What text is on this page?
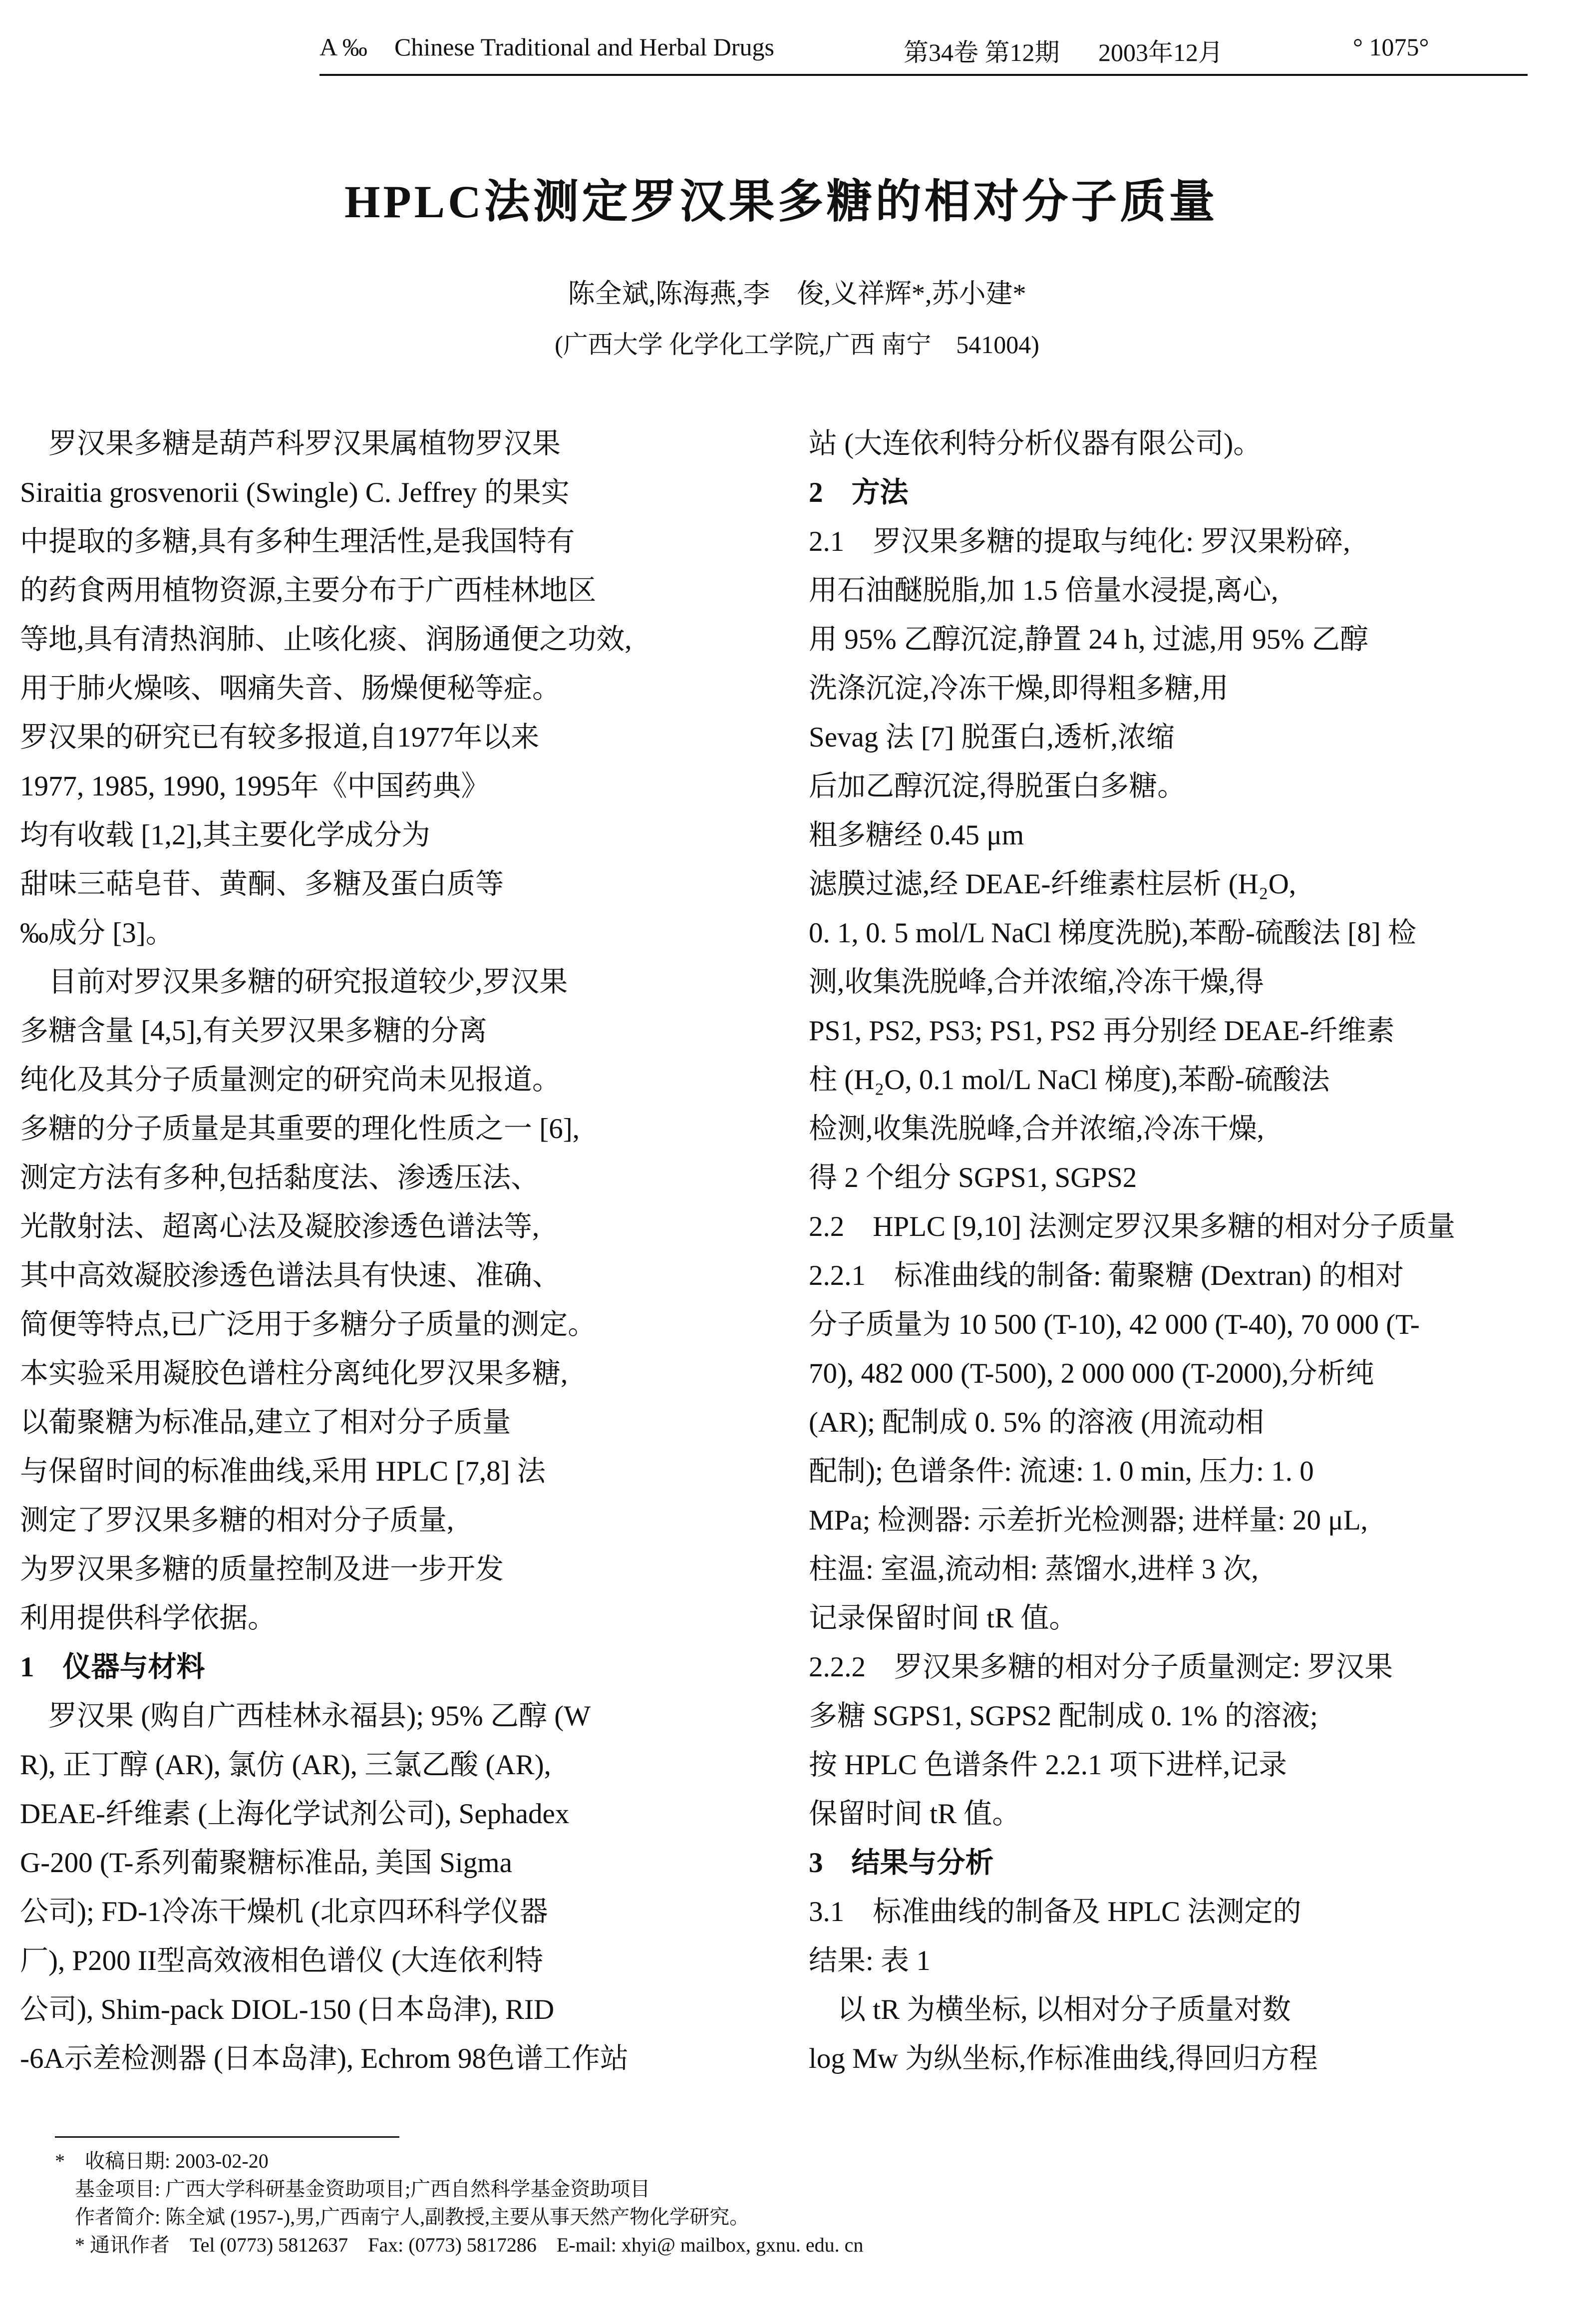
A ‰ Chinese Traditional and Herbal Drugs	第34卷 第12期 2003年12月	° 1075°
HPLC法测定罗汉果多糖的相对分子质量
陈全斌,陈海燕,李　俊,义祥辉*,苏小建*
(广西大学 化学化工学院,广西 南宁　541004)

　罗汉果多糖是葫芦科罗汉果属植物罗汉果

Siraitia grosvenorii (Swingle) C. Jeffrey 的果实

中提取的多糖,具有多种生理活性,是我国特有

的药食两用植物资源,主要分布于广西桂林地区

等地,具有清热润肺、止咳化痰、润肠通便之功效,

用于肺火燥咳、咽痛失音、肠燥便秘等症。

罗汉果的研究已有较多报道,自1977年以来

1977, 1985, 1990, 1995年《中国药典》

均有收载 [1,2],其主要化学成分为

甜味三萜皂苷、黄酮、多糖及蛋白质等

‰成分 [3]。

　目前对罗汉果多糖的研究报道较少,罗汉果

多糖含量 [4,5],有关罗汉果多糖的分离

纯化及其分子质量测定的研究尚未见报道。

多糖的分子质量是其重要的理化性质之一 [6],

测定方法有多种,包括黏度法、渗透压法、

光散射法、超离心法及凝胶渗透色谱法等,

其中高效凝胶渗透色谱法具有快速、准确、

简便等特点,已广泛用于多糖分子质量的测定。

本实验采用凝胶色谱柱分离纯化罗汉果多糖,

以葡聚糖为标准品,建立了相对分子质量

与保留时间的标准曲线,采用 HPLC [7,8] 法

测定了罗汉果多糖的相对分子质量,

为罗汉果多糖的质量控制及进一步开发

利用提供科学依据。

1　仪器与材料

　罗汉果 (购自广西桂林永福县); 95% 乙醇 (W

R), 正丁醇 (AR), 氯仿 (AR), 三氯乙酸 (AR),

DEAE-纤维素 (上海化学试剂公司), Sephadex

G-200 (T-系列葡聚糖标准品, 美国 Sigma

公司); FD-1冷冻干燥机 (北京四环科学仪器

厂), P200 II型高效液相色谱仪 (大连依利特

公司), Shim-pack DIOL-150 (日本岛津), RID

-6A示差检测器 (日本岛津), Echrom 98色谱工作站

站 (大连依利特分析仪器有限公司)。

2　方法

2.1　罗汉果多糖的提取与纯化: 罗汉果粉碎,

用石油醚脱脂,加 1.5 倍量水浸提,离心,

用 95% 乙醇沉淀,静置 24 h, 过滤,用 95% 乙醇

洗涤沉淀,冷冻干燥,即得粗多糖,用

Sevag 法 [7] 脱蛋白,透析,浓缩

后加乙醇沉淀,得脱蛋白多糖。

粗多糖经 0.45 μm

滤膜过滤,经 DEAE-纤维素柱层析 (H₂O,

0. 1, 0. 5 mol/L NaCl 梯度洗脱),苯酚-硫酸法 [8] 检

测,收集洗脱峰,合并浓缩,冷冻干燥,得

PS1, PS2, PS3; PS1, PS2 再分别经 DEAE-纤维素

柱 (H₂O, 0.1 mol/L NaCl 梯度),苯酚-硫酸法

检测,收集洗脱峰,合并浓缩,冷冻干燥,

得 2 个组分 SGPS1, SGPS2

2.2　HPLC [9,10] 法测定罗汉果多糖的相对分子质量

2.2.1　标准曲线的制备: 葡聚糖 (Dextran) 的相对

分子质量为 10 500 (T-10), 42 000 (T-40), 70 000 (T-

70), 482 000 (T-500), 2 000 000 (T-2000),分析纯

(AR); 配制成 0. 5% 的溶液 (用流动相

配制); 色谱条件: 流速: 1. 0 min, 压力: 1. 0

MPa; 检测器: 示差折光检测器; 进样量: 20 μL,

柱温: 室温,流动相: 蒸馏水,进样 3 次,

记录保留时间 tR 值。

2.2.2　罗汉果多糖的相对分子质量测定: 罗汉果

多糖 SGPS1, SGPS2 配制成 0. 1% 的溶液;

按 HPLC 色谱条件 2.2.1 项下进样,记录

保留时间 tR 值。

3　结果与分析

3.1　标准曲线的制备及 HPLC 法测定的

结果: 表 1

　以 tR 为横坐标, 以相对分子质量对数

log Mw 为纵坐标,作标准曲线,得回归方程

*　收稿日期: 2003-02-20

　基金项目: 广西大学科研基金资助项目;广西自然科学基金资助项目

　作者简介: 陈全斌 (1957-),男,广西南宁人,副教授,主要从事天然产物化学研究。

　* 通讯作者　Tel (0773) 5812637　Fax: (0773) 5817286　E-mail: xhyi@ mailbox, gxnu. edu. cn
